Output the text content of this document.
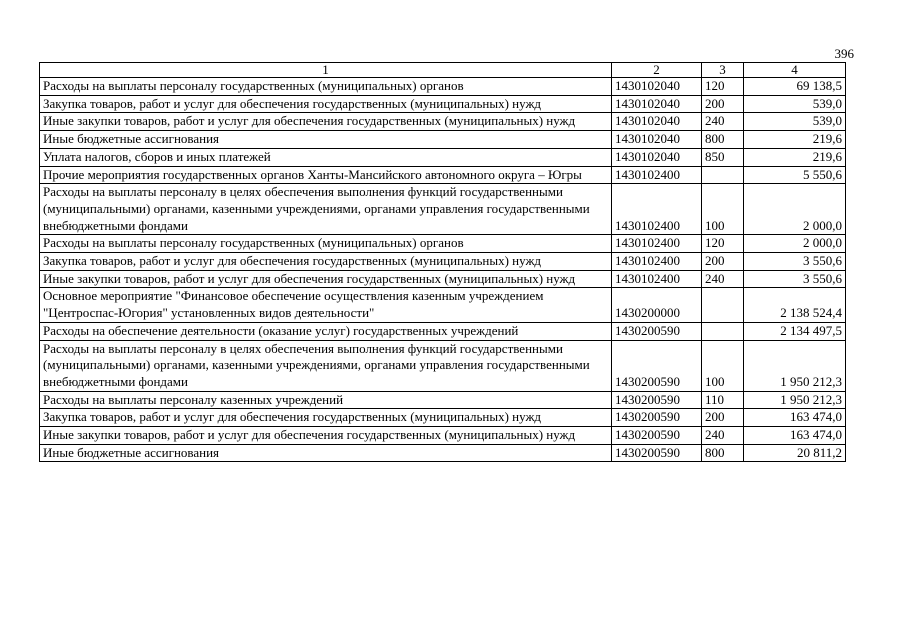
396
1	2	3	4
Расходы на выплаты персоналу государственных (муниципальных) органов	1430102040	120	69 138,5
Закупка товаров, работ и услуг для обеспечения государственных (муниципальных) нужд	1430102040	200	539,0
Иные закупки товаров, работ и услуг для обеспечения государственных (муниципальных) нужд	1430102040	240	539,0
Иные бюджетные ассигнования	1430102040	800	219,6
Уплата налогов, сборов и иных платежей	1430102040	850	219,6
Прочие мероприятия государственных органов Ханты-Мансийского автономного округа – Югры	1430102400		5 550,6
Расходы на выплаты персоналу в целях обеспечения выполнения функций государственными (муниципальными) органами, казенными учреждениями, органами управления государственными внебюджетными фондами	1430102400	100	2 000,0
Расходы на выплаты персоналу государственных (муниципальных) органов	1430102400	120	2 000,0
Закупка товаров, работ и услуг для обеспечения государственных (муниципальных) нужд	1430102400	200	3 550,6
Иные закупки товаров, работ и услуг для обеспечения государственных (муниципальных) нужд	1430102400	240	3 550,6
Основное мероприятие "Финансовое обеспечение осуществления казенным учреждением "Центроспас-Югория" установленных видов деятельности"	1430200000		2 138 524,4
Расходы на обеспечение деятельности (оказание услуг) государственных учреждений	1430200590		2 134 497,5
Расходы на выплаты персоналу в целях обеспечения выполнения функций государственными (муниципальными) органами, казенными учреждениями, органами управления государственными внебюджетными фондами	1430200590	100	1 950 212,3
Расходы на выплаты персоналу казенных учреждений	1430200590	110	1 950 212,3
Закупка товаров, работ и услуг для обеспечения государственных (муниципальных) нужд	1430200590	200	163 474,0
Иные закупки товаров, работ и услуг для обеспечения государственных (муниципальных) нужд	1430200590	240	163 474,0
Иные бюджетные ассигнования	1430200590	800	20 811,2
